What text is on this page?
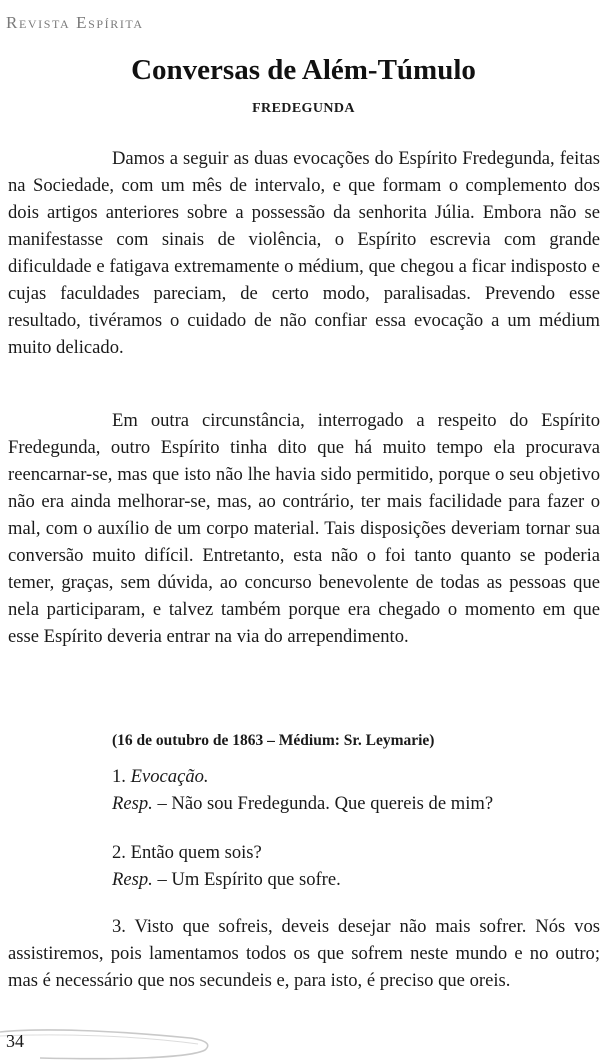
Revista Espírita
Conversas de Além-Túmulo
FREDEGUNDA

Damos a seguir as duas evocações do Espírito Fredegunda, feitas na Sociedade, com um mês de intervalo, e que formam o complemento dos dois artigos anteriores sobre a possessão da senhorita Júlia. Embora não se manifestasse com sinais de violência, o Espírito escrevia com grande dificuldade e fatigava extremamente o médium, que chegou a ficar indisposto e cujas faculdades pareciam, de certo modo, paralisadas. Prevendo esse resultado, tivéramos o cuidado de não confiar essa evocação a um médium muito delicado.

Em outra circunstância, interrogado a respeito do Espírito Fredegunda, outro Espírito tinha dito que há muito tempo ela procurava reencarnar-se, mas que isto não lhe havia sido permitido, porque o seu objetivo não era ainda melhorar-se, mas, ao contrário, ter mais facilidade para fazer o mal, com o auxílio de um corpo material. Tais disposições deveriam tornar sua conversão muito difícil. Entretanto, esta não o foi tanto quanto se poderia temer, graças, sem dúvida, ao concurso benevolente de todas as pessoas que nela participaram, e talvez também porque era chegado o momento em que esse Espírito deveria entrar na via do arrependimento.

(16 de outubro de 1863 – Médium: Sr. Leymarie)
1. Evocação.
Resp. – Não sou Fredegunda. Que quereis de mim?
2. Então quem sois?
Resp. – Um Espírito que sofre.

3. Visto que sofreis, deveis desejar não mais sofrer. Nós vos assistiremos, pois lamentamos todos os que sofrem neste mundo e no outro; mas é necessário que nos secundeis e, para isto, é preciso que oreis.

34
